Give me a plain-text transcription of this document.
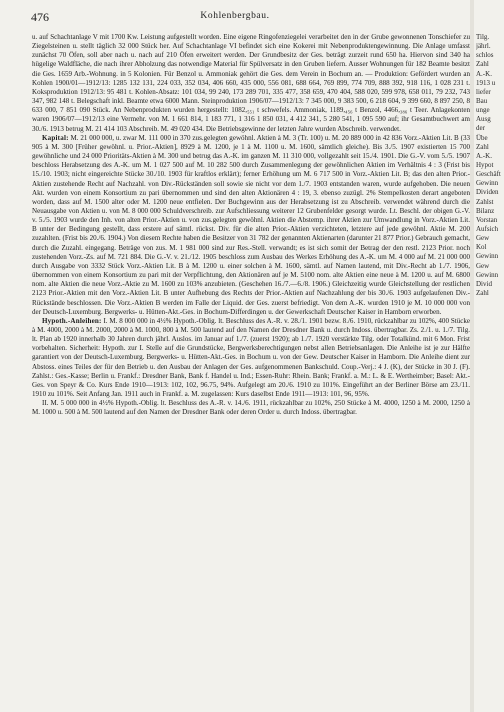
476	Kohlenbergbau.

u. auf Schachtanlage V mit 1700 Kw. Leistung aufgestellt worden. Eine eigene Ringofenziegelei verarbeitet den in der Grube gewonnenen Tonschiefer zu Ziegelsteinen u. stellt täglich 32 000 Stück her. Auf Schachtanlage VI befindet sich eine Kokerei mit Nebenproduktengewinnung. Die Anlage umfasst zunächst 70 Öfen, soll aber nach u. nach auf 210 Öfen erweitert werden. Der Grundbesitz der Ges. beträgt zurzeit rund 650 ha. Hiervon sind 340 ha hügelige Waldfläche, die nach ihrer Abholzung das notwendige Material für Spülversatz in den Gruben liefern. Ausser Wohnungen für 182 Beamte besitzt die Ges. 1659 Arb.-Wohnung. in 5 Kolonien. Für Benzol u. Ammoniak gehört die Ges. dem Verein in Bochum an. — Produktion: Gefördert wurden an Kohlen 1900/01—1912/13: 1285 132 131, 224 033, 352 034, 406 660, 435 000, 556 081, 688 664, 769 899, 774 709, 888 392, 918 116, 1 028 231 t. Koksproduktion 1912/13: 95 481 t. Kohlen-Absatz: 101 034, 99 240, 173 289 701, 335 477, 358 659, 470 404, 588 020, 599 978, 658 011, 79 232, 743 347, 982 148 t. Belegschaft inkl. Beamte etwa 6000 Mann. Steinproduktion 1906/07—1912/13: 7 345 000, 9 383 500, 6 218 604, 9 399 660, 8 897 250, 8 633 000, 7 851 090 Stück. An Nebenprodukten wurden hergestellt: 1082,₅₅₁ t schwefels. Ammoniak, 1189,₄₅₆ t Benzol, 4466,₃₈₆ t Teer. Anlagekonten waren 1906/07—1912/13 eine Vermehr. von M. 1 661 814, 1 183 771, 1 316 1 850 031, 4 412 341, 5 280 541, 1 095 590 auf; ihr Gesamtbuchwert am 30./6. 1913 betrug M. 21 414 103 Abschreib. M. 49 020 434. Die Betriebsgewinne der letzten Jahre wurden Abschreib. verwendet.

Kapital: M. 21 000 000, u. zwar M. 111 000 in 370 zus.gelegten gewöhnl. Aktien à M. 3 (Tr. 100) u. M. 20 889 000 in 42 836 Vorz.-Aktien Lit. B (33 905 à M. 300 [Früher gewöhnl. u. Prior.-Aktien], 8929 à M. 1200, je 1 à M. 1100 u. M. 1600, sämtlich gleiche). Bis 3./5. 1907 existierten 15 700 gewöhnliche und 24 000 Prioritäts-Aktien à M. 300 und betrug das A.-K. im ganzen M. 11 310 000, vollgezahlt seit 15./4. 1901. Die G.-V. vom 5./5. 1907 beschloss Herabsetzung des A.-K. um M. 1 027 500 auf M. 10 282 500 durch Zusammenlegung der gewöhnlichen Aktien im Verhältnis 4 : 3 (Frist bis 15./10. 1903; nicht eingereichte Stücke 30./10. 1903 für kraftlos erklärt); ferner Erhöhung um M. 6 717 500 in Vorz.-Aktien Lit. B; das den alten Prior.-Aktien zustehende Recht auf Nachzahl. von Div.-Rückständen soll sowie sie nicht vor dem 1./7. 1903 entstanden waren, wurde aufgehoben. Die neuen Akt. wurden von einem Konsortium zu pari übernommen und sind den alten Aktionären 4 : 19, 3. ebenso zuzügl. 2% Stempelkosten derart angeboten worden, dass auf M. 1500 alter oder M. 1200 neue entfielen. Der Buchgewinn aus der Herabsetzung ist zu Abschreib. verwendet während durch die Neuausgabe von Aktien u. von M. 8 000 000 Schuldverschreib. zur Aufschliessung weiterer 12 Grubenfelder gesorgt wurde. Lt. Beschl. der obigen G.-V. v. 5./5. 1903 wurde den Inh. von alten Prior.-Aktien u. von zus.gelegten gewöhnl. Aktien die Abstemp. ihrer Aktien zur Umwandlung in Vorz.-Aktien Lit. B unter der Bedingung gestellt, dass erstere auf sämtl. rückst. Div. für die alten Prior.-Aktien verzichteten, letztere auf jede gewöhnl. Aktie M. 200 zuzahlten. (Frist bis 20./6. 1904.) Von diesem Rechte haben die Besitzer von 31 782 der genannten Aktienarten (darunter 21 877 Prior.) Gebrauch gemacht, durch die Zuzahl. eingegang. Beträge von zus. M. 1 981 000 sind zur Res.-Stell. verwandt; es ist sich somit der Betrag der den restl. 2123 Prior. noch zustehenden Vorz.-Zs. auf M. 721 884. Die G.-V. v. 21./12. 1905 beschloss zum Ausbau des Werkes Erhöhung des A.-K. um M. 4 000 auf M. 21 000 000 durch Ausgabe von 3332 Stück Vorz.-Aktien Lit. B à M. 1200 u. einer solchen à M. 1600, sämtl. auf Namen lautend, mit Div.-Recht ab 1./7. 1906, übernommen von einem Konsortium zu pari mit der Verpflichtung, den Aktionären auf je M. 5100 nom. alte Aktien eine neue à M. 1200 u. auf M. 6800 nom. alte Aktien die neue Vorz.-Aktie zu M. 1600 zu 103% anzubieten. (Geschehen 16./7.—6./8. 1906.) Gleichzeitig wurde Gleichstellung der restlichen 2123 Prior.-Aktien mit den Vorz.-Aktien Lit. B unter Aufhebung des Rechts der Prior.-Aktien auf Nachzahlung der bis 30./6. 1903 aufgelaufenen Div.-Rückstände beschlossen. Die Vorz.-Aktien B werden im Falle der Liquid. der Ges. zuerst befriedigt. Von dem A.-K. wurden 1910 je M. 10 000 000 von der Deutsch-Luxemburg. Bergwerks- u. Hütten-Akt.-Ges. in Bochum-Differdingen u. der Gewerkschaft Deutscher Kaiser in Hamborn erworben.

Hypoth.-Anleihen: I. M. 8 000 000 in 4½% Hypoth.-Oblig. lt. Beschluss des A.-R. v. 28./1. 1901 bezw. 8./6. 1910, rückzahlbar zu 102%, 400 Stücke à M. 4000, 2000 à M. 2000, 2000 à M. 1000, 800 à M. 500 lautend auf den Namen der Dresdner Bank u. durch Indoss. übertragbar. Zs. 2./1. u. 1./7. Tilg. lt. Plan ab 1920 innerhalb 30 Jahren durch jährl. Auslos. im Januar auf 1./7. (zuerst 1920); ab 1./7. 1920 verstärkte Tilg. oder Totalkünd. mit 6 Mon. Frist vorbehalten. Sicherheit: Hypoth. zur I. Stelle auf die Grundstücke, Bergwerksberechtigungen nebst allen Betriebsanlagen. Die Anleihe ist je zur Hälfte garantiert von der Deutsch-Luxemburg. Bergwerks- u. Hütten-Akt.-Ges. in Bochum u. von der Gew. Deutscher Kaiser in Hamborn. Die Anleihe dient zur Abstoss. eines Teiles der für den Betrieb u. den Ausbau der Anlagen der Ges. aufgenommenen Bankschuld. Coup.-Verj.: 4 J. (K), der Stücke in 30 J. (F). Zahlst.: Ges.-Kasse; Berlin u. Frankf.: Dresdner Bank, Bank f. Handel u. Ind.; Essen-Ruhr: Rhein. Bank; Frankf. a. M.: L. & E. Wertheimber; Basel: Akt.-Ges. von Speyr & Co. Kurs Ende 1910—1913: 102, 102, 96.75, 94%. Aufgelegt am 20./6. 1910 zu 101%. Eingeführt an der Berliner Börse am 23./11. 1910 zu 101%. Seit Anfang Jan. 1911 auch in Frankf. a. M. zugelassen: Kurs daselbst Ende 1911—1913: 101, 96, 95%.

II. M. 5 000 000 in 4½% Hypoth.-Oblig. lt. Beschluss des A.-R. v. 14./6. 1911, rückzahlbar zu 102%, 250 Stücke à M. 4000, 1250 à M. 2000, 1250 à M. 1000 u. 500 à M. 500 lautend auf den Namen der Dresdner Bank oder deren Order u. durch Indoss. übertragbar.

Tilg.
jährl.
schlos
Zahl
A.-K.
1913 u
liefer
Bau
unge
Ausg
der
Übe
Zahl
A.-K.
Hypot
Geschäft
Gewinn
Dividen
Zahlst
Bilanz
Vorstan
Aufsich
Gew
Kol
Gewinn
Gew
Gewinn
Divid
Zahl
